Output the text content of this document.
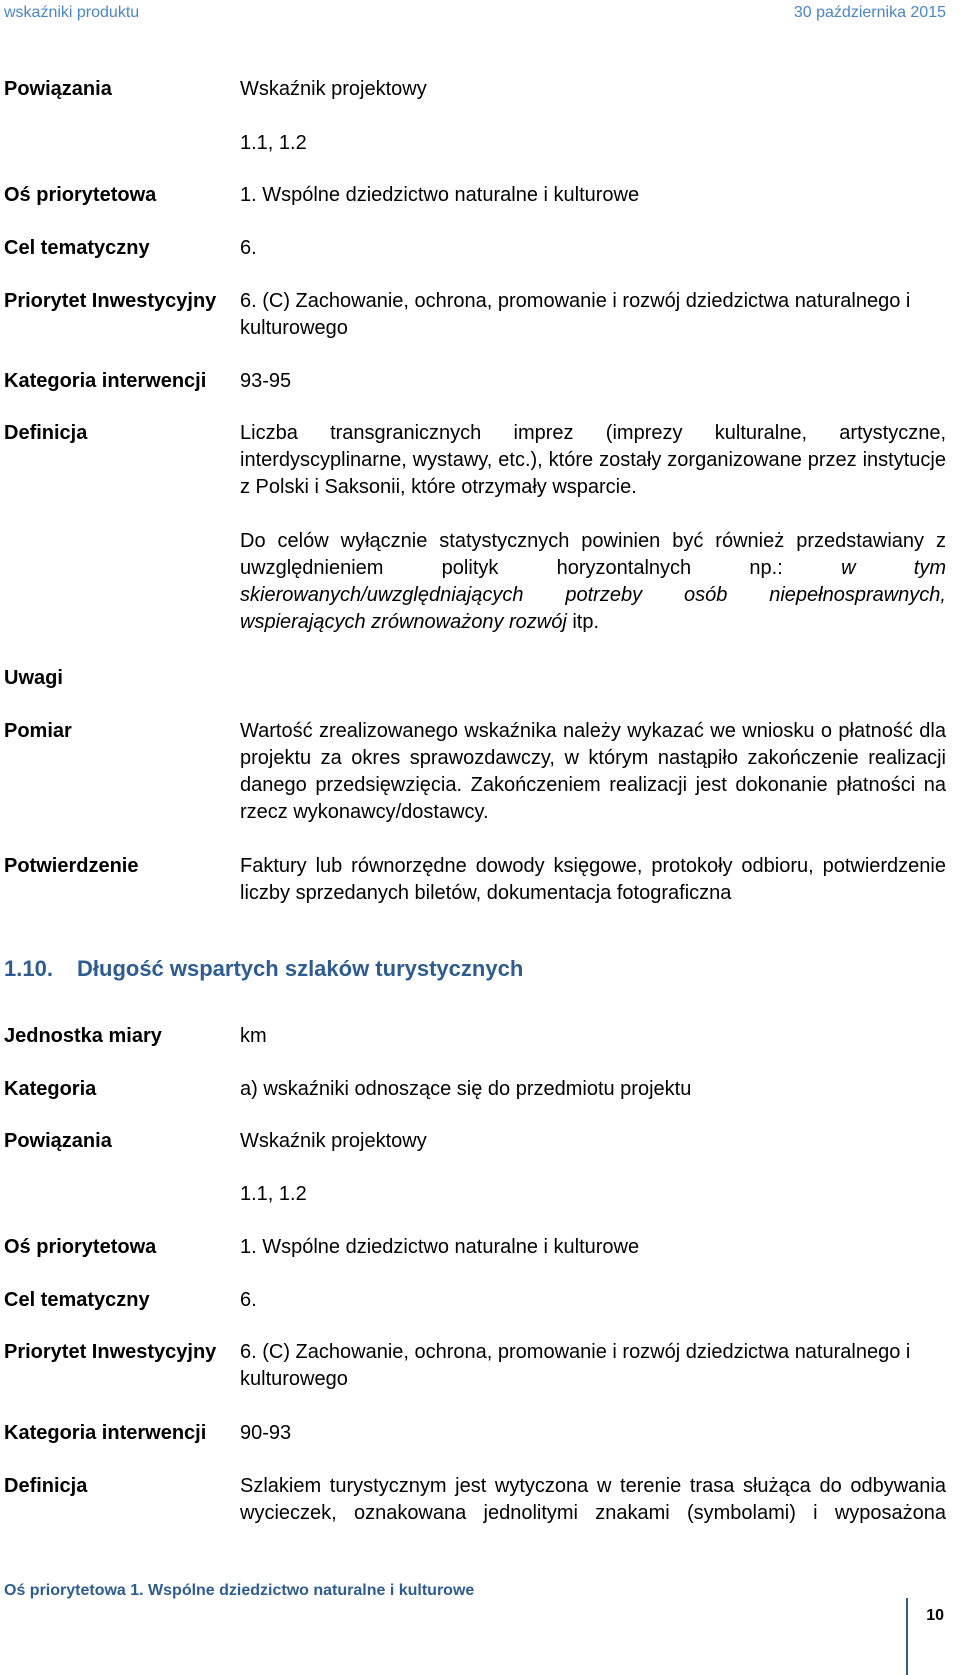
wskaźniki produktu	30 października 2015
Powiązania	Wskaźnik projektowy
1.1, 1.2
Oś priorytetowa	1. Wspólne dziedzictwo naturalne i kulturowe
Cel tematyczny	6.
Priorytet Inwestycyjny 6. (C) Zachowanie, ochrona, promowanie i rozwój dziedzictwa naturalnego i kulturowego
Kategoria interwencji 93-95
Definicja	Liczba transgranicznych imprez (imprezy kulturalne, artystyczne, interdyscyplinarne, wystawy, etc.), które zostały zorganizowane przez instytucje z Polski i Saksonii, które otrzymały wsparcie.
Do celów wyłącznie statystycznych powinien być również przedstawiany z uwzględnieniem polityk horyzontalnych np.: w tym skierowanych/uwzględniających potrzeby osób niepełnosprawnych, wspierających zrównoważony rozwój itp.
Uwagi
Pomiar	Wartość zrealizowanego wskaźnika należy wykazać we wniosku o płatność dla projektu za okres sprawozdawczy, w którym nastąpiło zakończenie realizacji danego przedsięwzięcia. Zakończeniem realizacji jest dokonanie płatności na rzecz wykonawcy/dostawcy.
Potwierdzenie	Faktury lub równorzędne dowody księgowe, protokoły odbioru, potwierdzenie liczby sprzedanych biletów, dokumentacja fotograficzna
1.10. Długość wspartych szlaków turystycznych
Jednostka miary	km
Kategoria	a) wskaźniki odnoszące się do przedmiotu projektu
Powiązania	Wskaźnik projektowy
1.1, 1.2
Oś priorytetowa	1. Wspólne dziedzictwo naturalne i kulturowe
Cel tematyczny	6.
Priorytet Inwestycyjny 6. (C) Zachowanie, ochrona, promowanie i rozwój dziedzictwa naturalnego i kulturowego
Kategoria interwencji 90-93
Definicja	Szlakiem turystycznym jest wytyczona w terenie trasa służąca do odbywania wycieczek, oznakowana jednolitymi znakami (symbolami) i wyposażona
Oś priorytetowa 1. Wspólne dziedzictwo naturalne i kulturowe
10
